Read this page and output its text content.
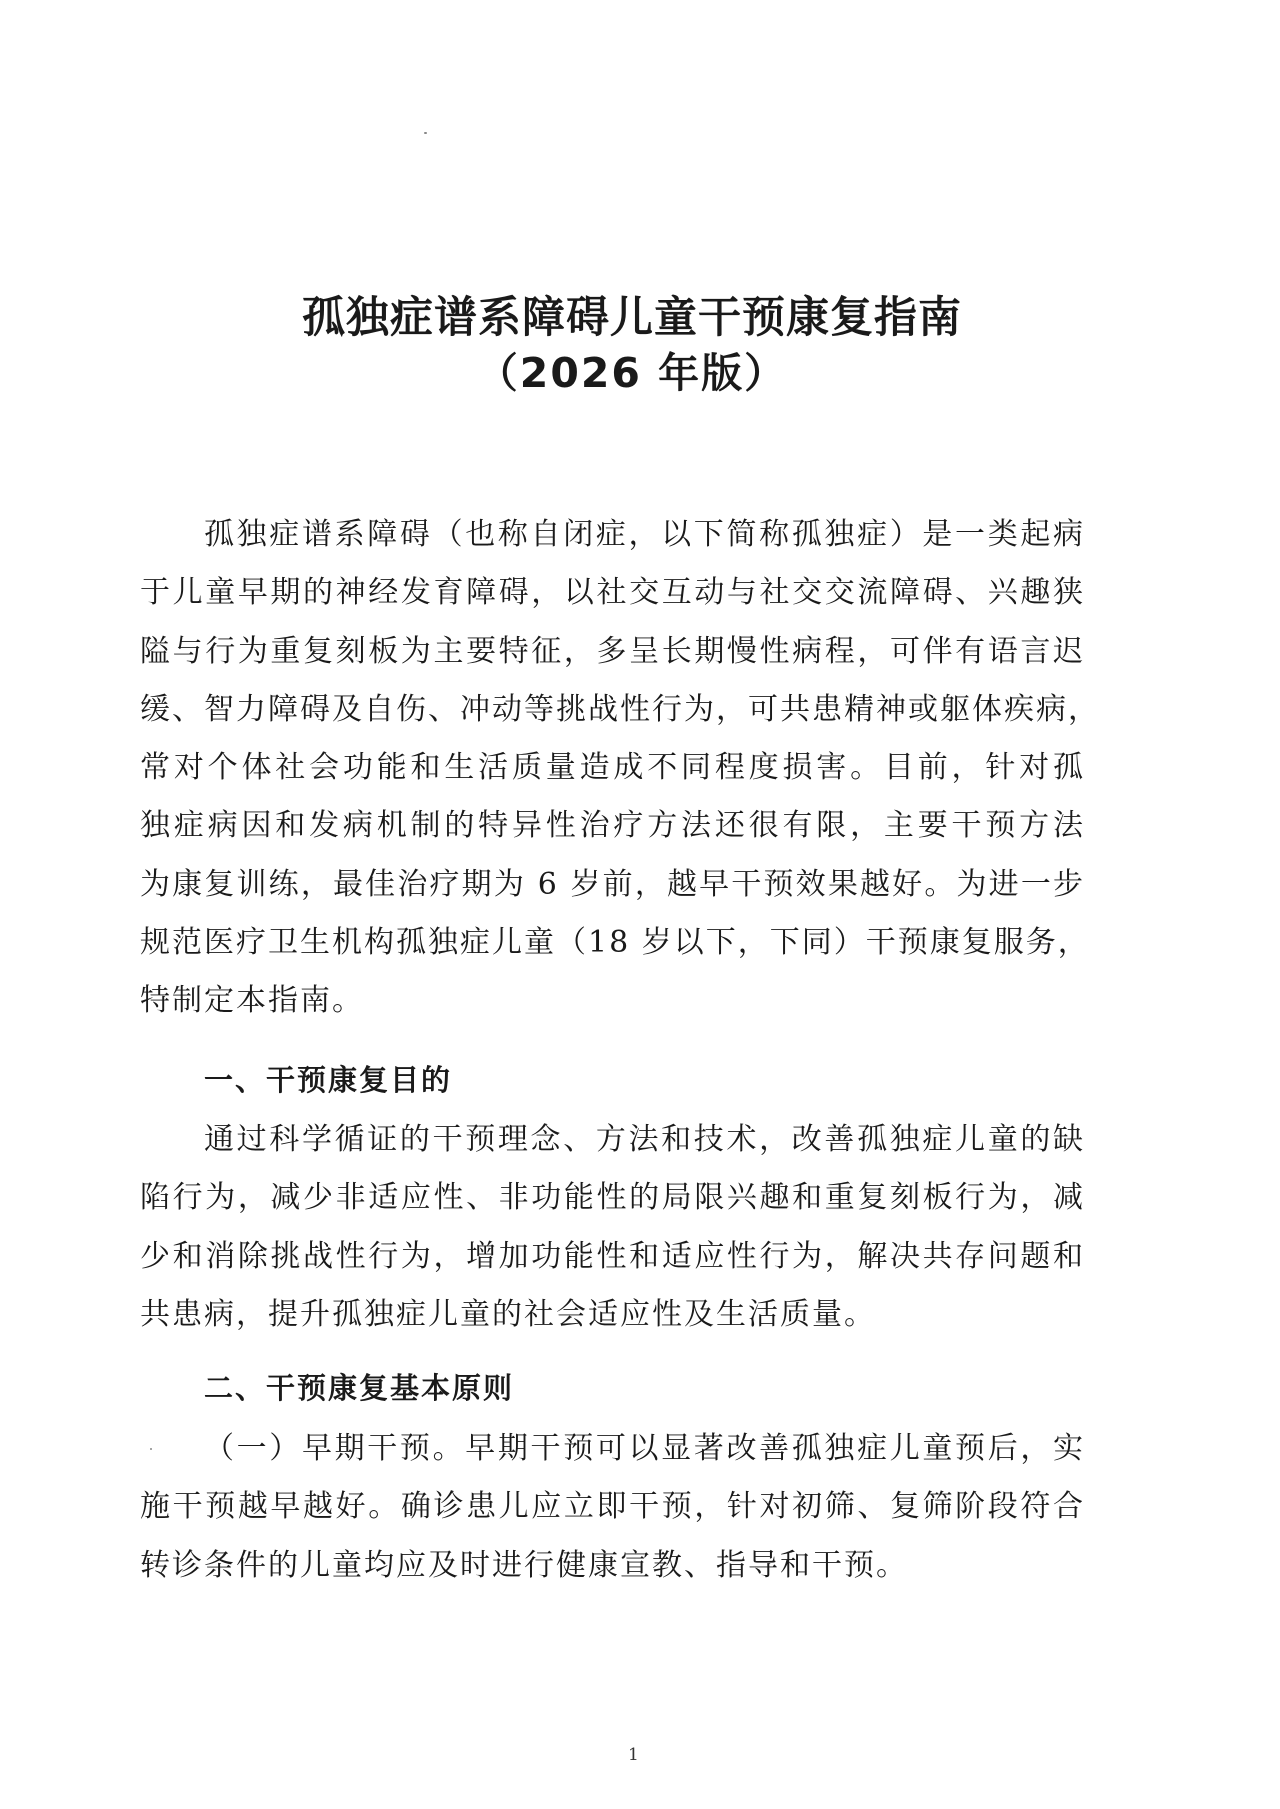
孤独症谱系障碍儿童干预康复指南
（2026 年版）
孤独症谱系障碍（也称自闭症，以下简称孤独症）是一类起病
于儿童早期的神经发育障碍，以社交互动与社交交流障碍、兴趣狭
隘与行为重复刻板为主要特征，多呈长期慢性病程，可伴有语言迟
缓、智力障碍及自伤、冲动等挑战性行为，可共患精神或躯体疾病，
常对个体社会功能和生活质量造成不同程度损害。目前，针对孤
独症病因和发病机制的特异性治疗方法还很有限，主要干预方法
为康复训练，最佳治疗期为 6 岁前，越早干预效果越好。为进一步
规范医疗卫生机构孤独症儿童（18 岁以下，下同）干预康复服务，
特制定本指南。
一、干预康复目的
通过科学循证的干预理念、方法和技术，改善孤独症儿童的缺
陷行为，减少非适应性、非功能性的局限兴趣和重复刻板行为，减
少和消除挑战性行为，增加功能性和适应性行为，解决共存问题和
共患病，提升孤独症儿童的社会适应性及生活质量。
二、干预康复基本原则
（一）早期干预。早期干预可以显著改善孤独症儿童预后，实
施干预越早越好。确诊患儿应立即干预，针对初筛、复筛阶段符合
转诊条件的儿童均应及时进行健康宣教、指导和干预。
1
